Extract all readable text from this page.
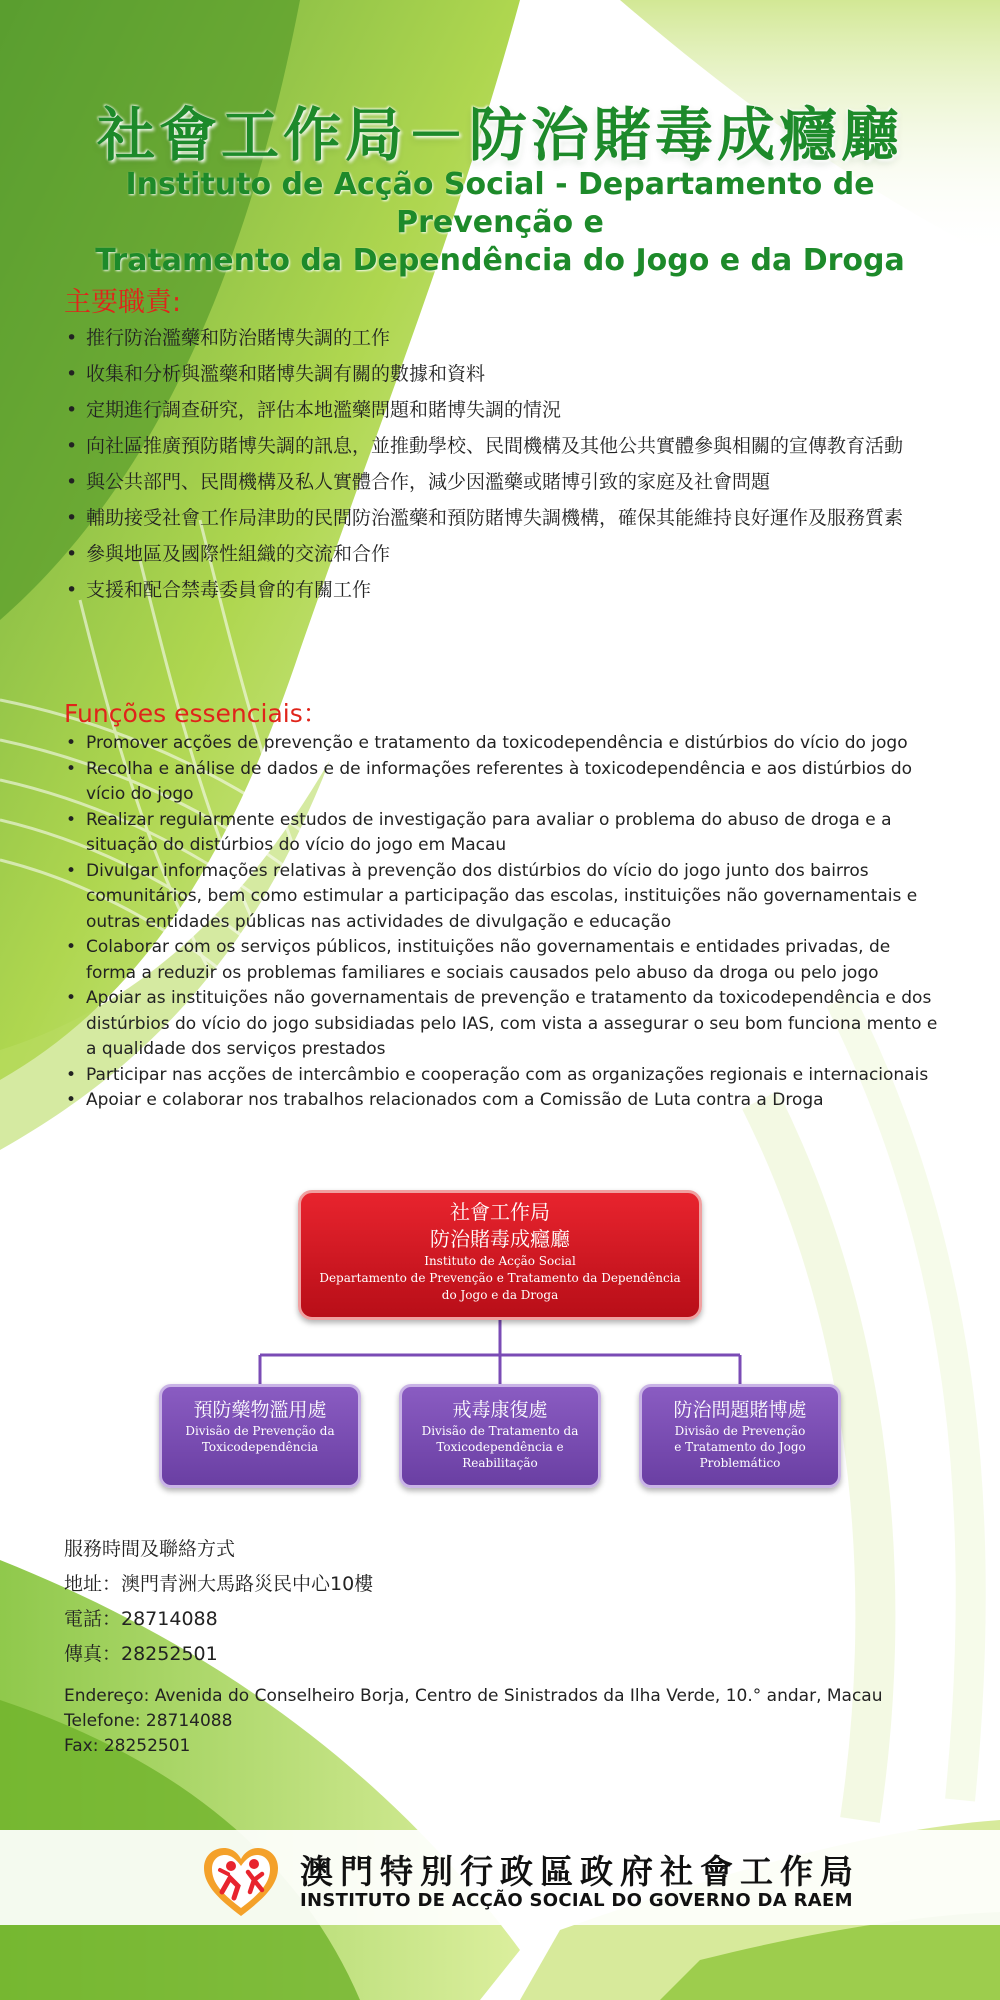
社會工作局－防治賭毒成癮廳
Instituto de Acção Social - Departamento de Prevenção e
Tratamento da Dependência do Jogo e da Droga
主要職責:
• 推行防治濫藥和防治賭博失調的工作
• 收集和分析與濫藥和賭博失調有關的數據和資料
• 定期進行調查研究，評估本地濫藥問題和賭博失調的情況
• 向社區推廣預防賭博失調的訊息，並推動學校、民間機構及其他公共實體參與相關的宣傳教育活動
• 與公共部門、民間機構及私人實體合作，減少因濫藥或賭博引致的家庭及社會問題
• 輔助接受社會工作局津助的民間防治濫藥和預防賭博失調機構，確保其能維持良好運作及服務質素
• 參與地區及國際性組織的交流和合作
• 支援和配合禁毒委員會的有關工作
Funções essenciais：
• Promover acções de prevenção e tratamento da toxicodependência e distúrbios do vício do jogo
• Recolha e análise de dados e de informações referentes à toxicodependência e aos distúrbios do vício do jogo
• Realizar regularmente estudos de investigação para avaliar o problema do abuso de droga e a situação do distúrbios do vício do jogo em Macau
• Divulgar informações relativas à prevenção dos distúrbios do vício do jogo junto dos bairros comunitários, bem como estimular a participação das escolas, instituições não governamentais e outras entidades públicas nas actividades de divulgação e educação
• Colaborar com os serviços públicos, instituições não governamentais e entidades privadas, de forma a reduzir os problemas familiares e sociais causados pelo abuso da droga ou pelo jogo
• Apoiar as instituições não governamentais de prevenção e tratamento da toxicodependência e dos distúrbios do vício do jogo subsidiadas pelo IAS, com vista a assegurar o seu bom funciona mento e a qualidade dos serviços prestados
• Participar nas acções de intercâmbio e cooperação com as organizações regionais e internacionais
• Apoiar e colaborar nos trabalhos relacionados com a Comissão de Luta contra a Droga
社會工作局
防治賭毒成癮廳
Instituto de Acção Social
Departamento de Prevenção e Tratamento da Dependência
do Jogo e da Droga
預防藥物濫用處
Divisão de Prevenção da
Toxicodependência
戒毒康復處
Divisão de Tratamento da
Toxicodependência e
Reabilitação
防治問題賭博處
Divisão de Prevenção
e Tratamento do Jogo
Problemático

服務時間及聯絡方式

地址：澳門青洲大馬路災民中心10樓

電話：28714088

傳真：28252501

Endereço: Avenida do Conselheiro Borja, Centro de Sinistrados da Ilha Verde, 10.° andar, Macau

Telefone: 28714088

Fax: 28252501

澳門特別行政區政府社會工作局
INSTITUTO DE ACÇÃO SOCIAL DO GOVERNO DA RAEM
